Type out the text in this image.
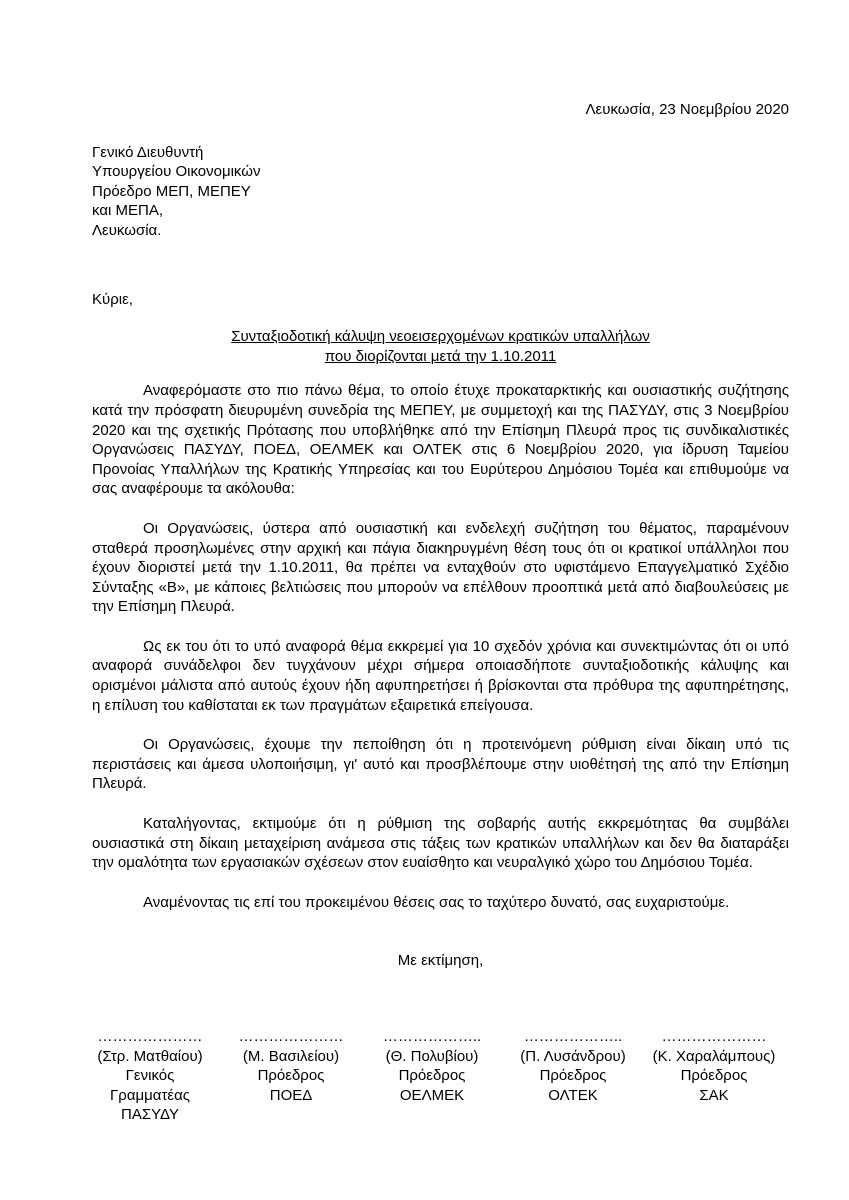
Λευκωσία, 23 Νοεμβρίου 2020

Γενικό Διευθυντή
Υπουργείου Οικονομικών
Πρόεδρο ΜΕΠ, ΜΕΠΕΥ
και ΜΕΠΑ,
Λευκωσία.
Κύριε,
Συνταξιοδοτική κάλυψη νεοεισερχομένων κρατικών υπαλλήλων
που διορίζονται μετά την 1.10.2011

Αναφερόμαστε στο πιο πάνω θέμα, το οποίο έτυχε προκαταρκτικής και ουσιαστικής συζήτησης κατά την πρόσφατη διευρυμένη συνεδρία της ΜΕΠΕΥ, με συμμετοχή και της ΠΑΣΥΔΥ, στις 3 Νοεμβρίου 2020 και της σχετικής Πρότασης που υποβλήθηκε από την Επίσημη Πλευρά προς τις συνδικαλιστικές Οργανώσεις ΠΑΣΥΔΥ, ΠΟΕΔ, ΟΕΛΜΕΚ και ΟΛΤΕΚ στις 6 Νοεμβρίου 2020, για ίδρυση Ταμείου Προνοίας Υπαλλήλων της Κρατικής Υπηρεσίας και του Ευρύτερου Δημόσιου Τομέα και επιθυμούμε να σας αναφέρουμε τα ακόλουθα:

Οι Οργανώσεις, ύστερα από ουσιαστική και ενδελεχή συζήτηση του θέματος, παραμένουν σταθερά προσηλωμένες στην αρχική και πάγια διακηρυγμένη θέση τους ότι οι κρατικοί υπάλληλοι που έχουν διοριστεί μετά την 1.10.2011, θα πρέπει να ενταχθούν στο υφιστάμενο Επαγγελματικό Σχέδιο Σύνταξης «Β», με κάποιες βελτιώσεις που μπορούν να επέλθουν προοπτικά μετά από διαβουλεύσεις με την Επίσημη Πλευρά.

Ως εκ του ότι το υπό αναφορά θέμα εκκρεμεί για 10 σχεδόν χρόνια και συνεκτιμώντας ότι οι υπό αναφορά συνάδελφοι δεν τυγχάνουν μέχρι σήμερα οποιασδήποτε συνταξιοδοτικής κάλυψης και ορισμένοι μάλιστα από αυτούς έχουν ήδη αφυπηρετήσει ή βρίσκονται στα πρόθυρα της αφυπηρέτησης, η επίλυση του καθίσταται εκ των πραγμάτων εξαιρετικά επείγουσα.

Οι Οργανώσεις, έχουμε την πεποίθηση ότι η προτεινόμενη ρύθμιση είναι δίκαιη υπό τις περιστάσεις και άμεσα υλοποιήσιμη, γι' αυτό και προσβλέπουμε στην υιοθέτησή της από την Επίσημη Πλευρά.

Καταλήγοντας, εκτιμούμε ότι η ρύθμιση της σοβαρής αυτής εκκρεμότητας θα συμβάλει ουσιαστικά στη δίκαιη μεταχείριση ανάμεσα στις τάξεις των κρατικών υπαλλήλων και δεν θα διαταράξει την ομαλότητα των εργασιακών σχέσεων στον ευαίσθητο και νευραλγικό χώρο του Δημόσιου Τομέα.

Αναμένοντας τις επί του προκειμένου θέσεις σας το ταχύτερο δυνατό, σας ευχαριστούμε.

Με εκτίμηση,
…………………
(Στρ. Ματθαίου)
Γενικός
Γραμματέας
ΠΑΣΥΔΥ
…………………
(Μ. Βασιλείου)
Πρόεδρος
ΠΟΕΔ
………………..
(Θ. Πολυβίου)
Πρόεδρος
ΟΕΛΜΕΚ
………………..
(Π. Λυσάνδρου)
Πρόεδρος
ΟΛΤΕΚ
…………………
(Κ. Χαραλάμπους)
Πρόεδρος
ΣΑΚ
